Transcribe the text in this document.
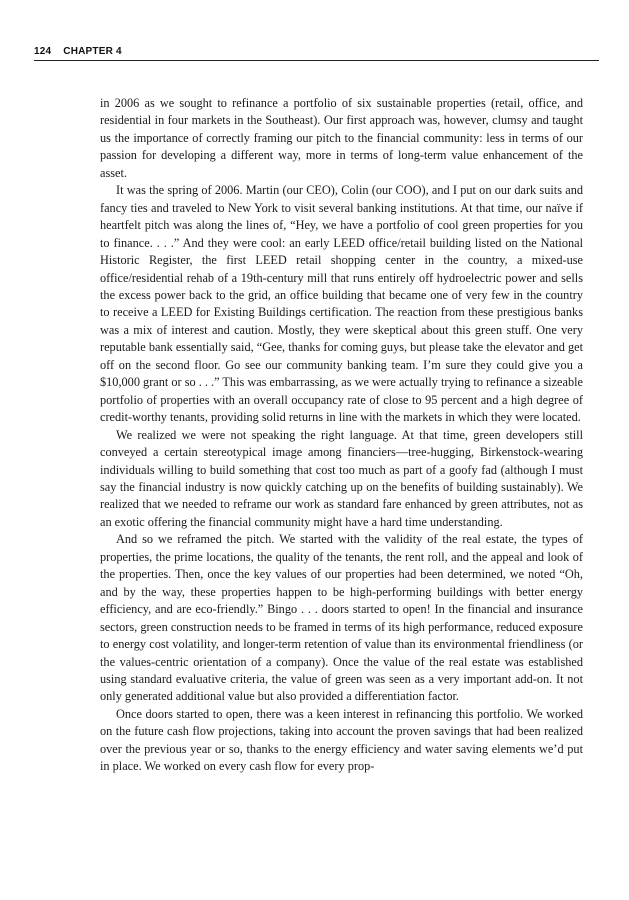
124 CHAPTER 4

in 2006 as we sought to refinance a portfolio of six sustainable properties (retail, office, and residential in four markets in the Southeast). Our first approach was, however, clumsy and taught us the importance of correctly framing our pitch to the financial community: less in terms of our passion for developing a different way, more in terms of long-term value enhancement of the asset.

It was the spring of 2006. Martin (our CEO), Colin (our COO), and I put on our dark suits and fancy ties and traveled to New York to visit several banking institutions. At that time, our naïve if heartfelt pitch was along the lines of, “Hey, we have a portfolio of cool green properties for you to finance. . . .” And they were cool: an early LEED office/retail building listed on the National Historic Register, the first LEED retail shopping center in the country, a mixed-use office/residential rehab of a 19th-century mill that runs entirely off hydroelectric power and sells the excess power back to the grid, an office building that became one of very few in the country to receive a LEED for Existing Buildings certification. The reaction from these prestigious banks was a mix of interest and caution. Mostly, they were skeptical about this green stuff. One very reputable bank essentially said, “Gee, thanks for coming guys, but please take the elevator and get off on the second floor. Go see our community banking team. I’m sure they could give you a $10,000 grant or so . . .” This was embarrassing, as we were actually trying to refinance a sizeable portfolio of properties with an overall occupancy rate of close to 95 percent and a high degree of credit-worthy tenants, providing solid returns in line with the markets in which they were located.

We realized we were not speaking the right language. At that time, green developers still conveyed a certain stereotypical image among financiers—tree-hugging, Birkenstock-wearing individuals willing to build something that cost too much as part of a goofy fad (although I must say the financial industry is now quickly catching up on the benefits of building sustainably). We realized that we needed to reframe our work as standard fare enhanced by green attributes, not as an exotic offering the financial community might have a hard time understanding.

And so we reframed the pitch. We started with the validity of the real estate, the types of properties, the prime locations, the quality of the tenants, the rent roll, and the appeal and look of the properties. Then, once the key values of our properties had been determined, we noted “Oh, and by the way, these properties happen to be high-performing buildings with better energy efficiency, and are eco-friendly.” Bingo . . . doors started to open! In the financial and insurance sectors, green construction needs to be framed in terms of its high performance, reduced exposure to energy cost volatility, and longer-term retention of value than its environmental friendliness (or the values-centric orientation of a company). Once the value of the real estate was established using standard evaluative criteria, the value of green was seen as a very important add-on. It not only generated additional value but also provided a differentiation factor.

Once doors started to open, there was a keen interest in refinancing this portfolio. We worked on the future cash flow projections, taking into account the proven savings that had been realized over the previous year or so, thanks to the energy efficiency and water saving elements we’d put in place. We worked on every cash flow for every prop-
